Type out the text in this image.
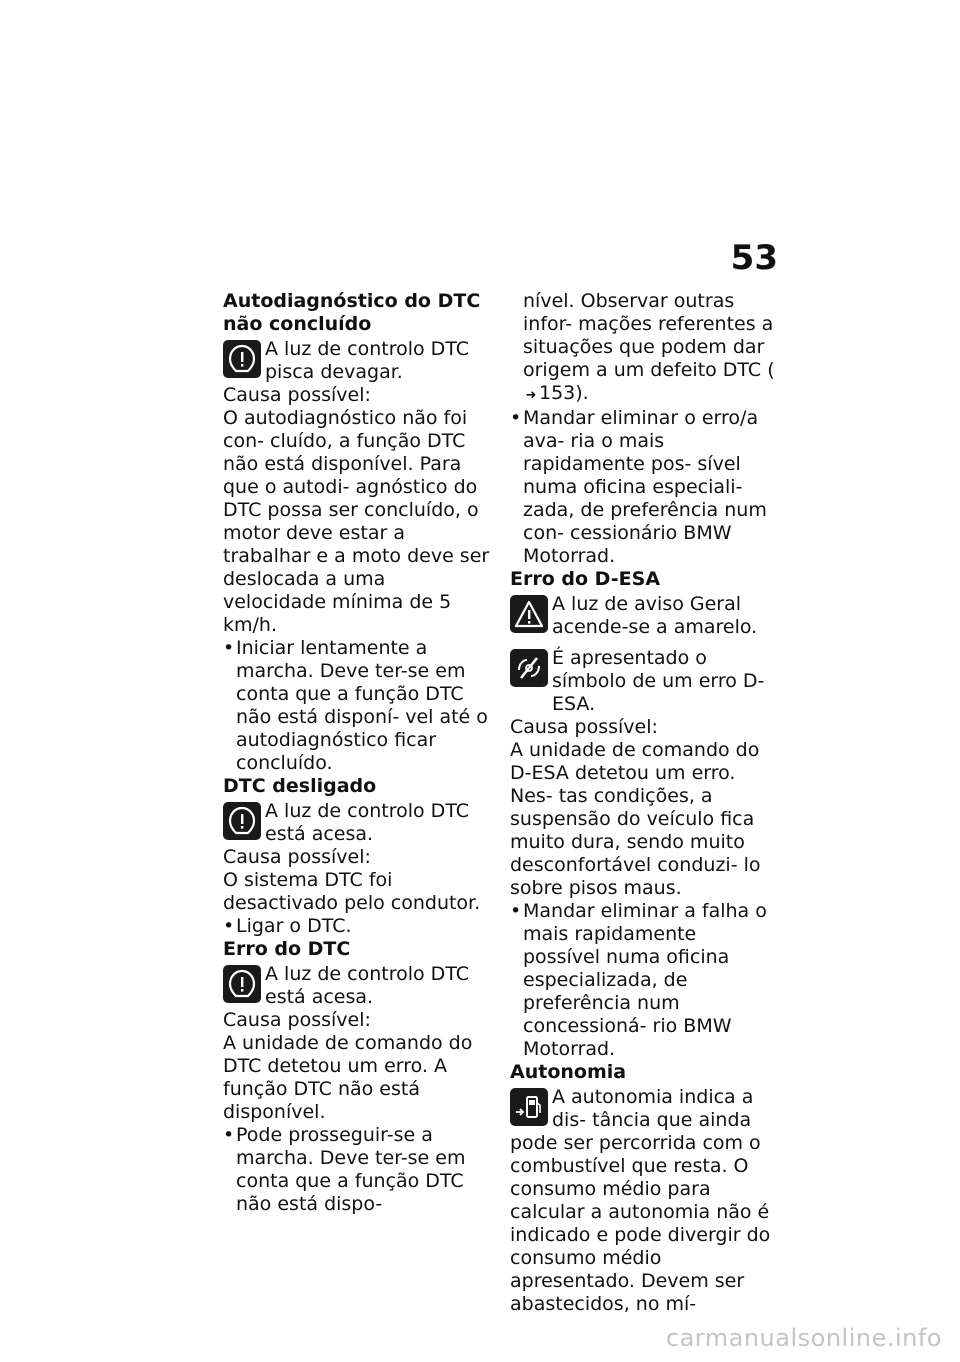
53

Autodiagnóstico do DTC não concluído

A luz de controlo DTC pisca devagar.

Causa possível:

O autodiagnóstico não foi con- cluído, a função DTC não está disponível. Para que o autodi- agnóstico do DTC possa ser concluído, o motor deve estar a trabalhar e a moto deve ser deslocada a uma velocidade mínima de 5 km/h.

• Iniciar lentamente a marcha. Deve ter-se em conta que a função DTC não está disponí- vel até o autodiagnóstico ficar concluído.

DTC desligado

A luz de controlo DTC está acesa.

Causa possível:

O sistema DTC foi desactivado pelo condutor.

• Ligar o DTC.

Erro do DTC

A luz de controlo DTC está acesa.

Causa possível:

A unidade de comando do DTC detetou um erro. A função DTC não está disponível.

• Pode prosseguir-se a marcha. Deve ter-se em conta que a função DTC não está dispo-

nível. Observar outras infor- mações referentes a situações que podem dar origem a um defeito DTC (➜ 153).

• Mandar eliminar o erro/a ava- ria o mais rapidamente pos- sível numa oficina especiali- zada, de preferência num con- cessionário BMW Motorrad.

Erro do D-ESA

A luz de aviso Geral acende-se a amarelo.
É apresentado o símbolo de um erro D-ESA.

Causa possível:

A unidade de comando do D-ESA detetou um erro. Nes- tas condições, a suspensão do veículo fica muito dura, sendo muito desconfortável conduzi- lo sobre pisos maus.

• Mandar eliminar a falha o mais rapidamente possível numa oficina especializada, de preferência num concessioná- rio BMW Motorrad.

Autonomia

A autonomia indica a dis- tância que ainda pode ser percorrida com o combustível que resta. O consumo médio para calcular a autonomia não é indicado e pode divergir do consumo médio apresentado. Devem ser abastecidos, no mí-
carmanualsonline.info
